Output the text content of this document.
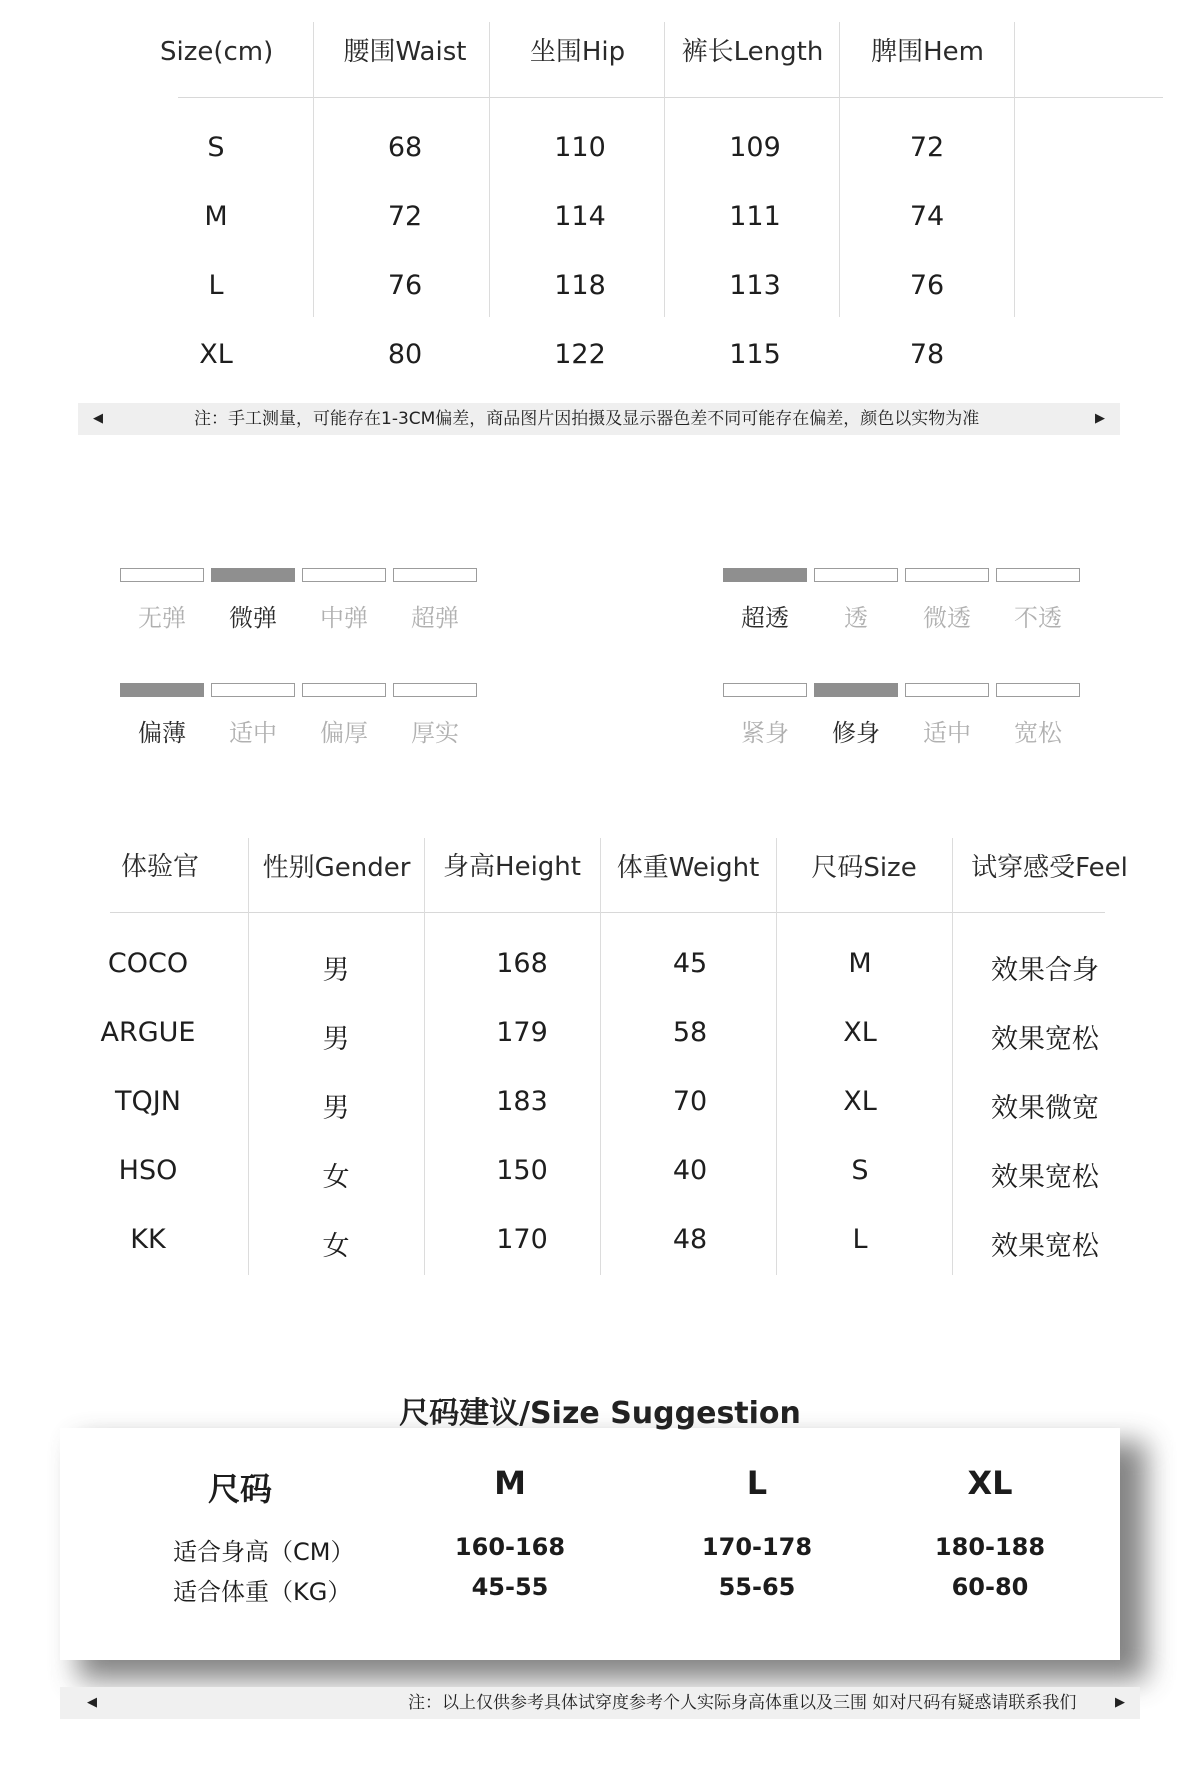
Size(cm)	腰围Waist	坐围Hip	裤长Length	脾围Hem
S	68	110	109	72
M	72	114	111	74
L	76	118	113	76
XL	80	122	115	78
◀	注：手工测量，可能存在1-3CM偏差，商品图片因拍摄及显示器色差不同可能存在偏差，颜色以实物为准	▶
无弹	微弹	中弹	超弹	超透	透	微透	不透
偏薄	适中	偏厚	厚实	紧身	修身	适中	宽松
体验官	性别Gender	身高Height	体重Weight	尺码Size	试穿感受Feel
COCO	男	168	45	M	效果合身
ARGUE	男	179	58	XL	效果宽松
TQJN	男	183	70	XL	效果微宽
HSO	女	150	40	S	效果宽松
KK	女	170	48	L	效果宽松
尺码建议/Size Suggestion
尺码	M	L	XL
适合身高（CM）	160-168	170-178	180-188
适合体重（KG）	45-55	55-65	60-80
◀	注：以上仅供参考具体试穿度参考个人实际身高体重以及三围 如对尺码有疑惑请联系我们	▶
